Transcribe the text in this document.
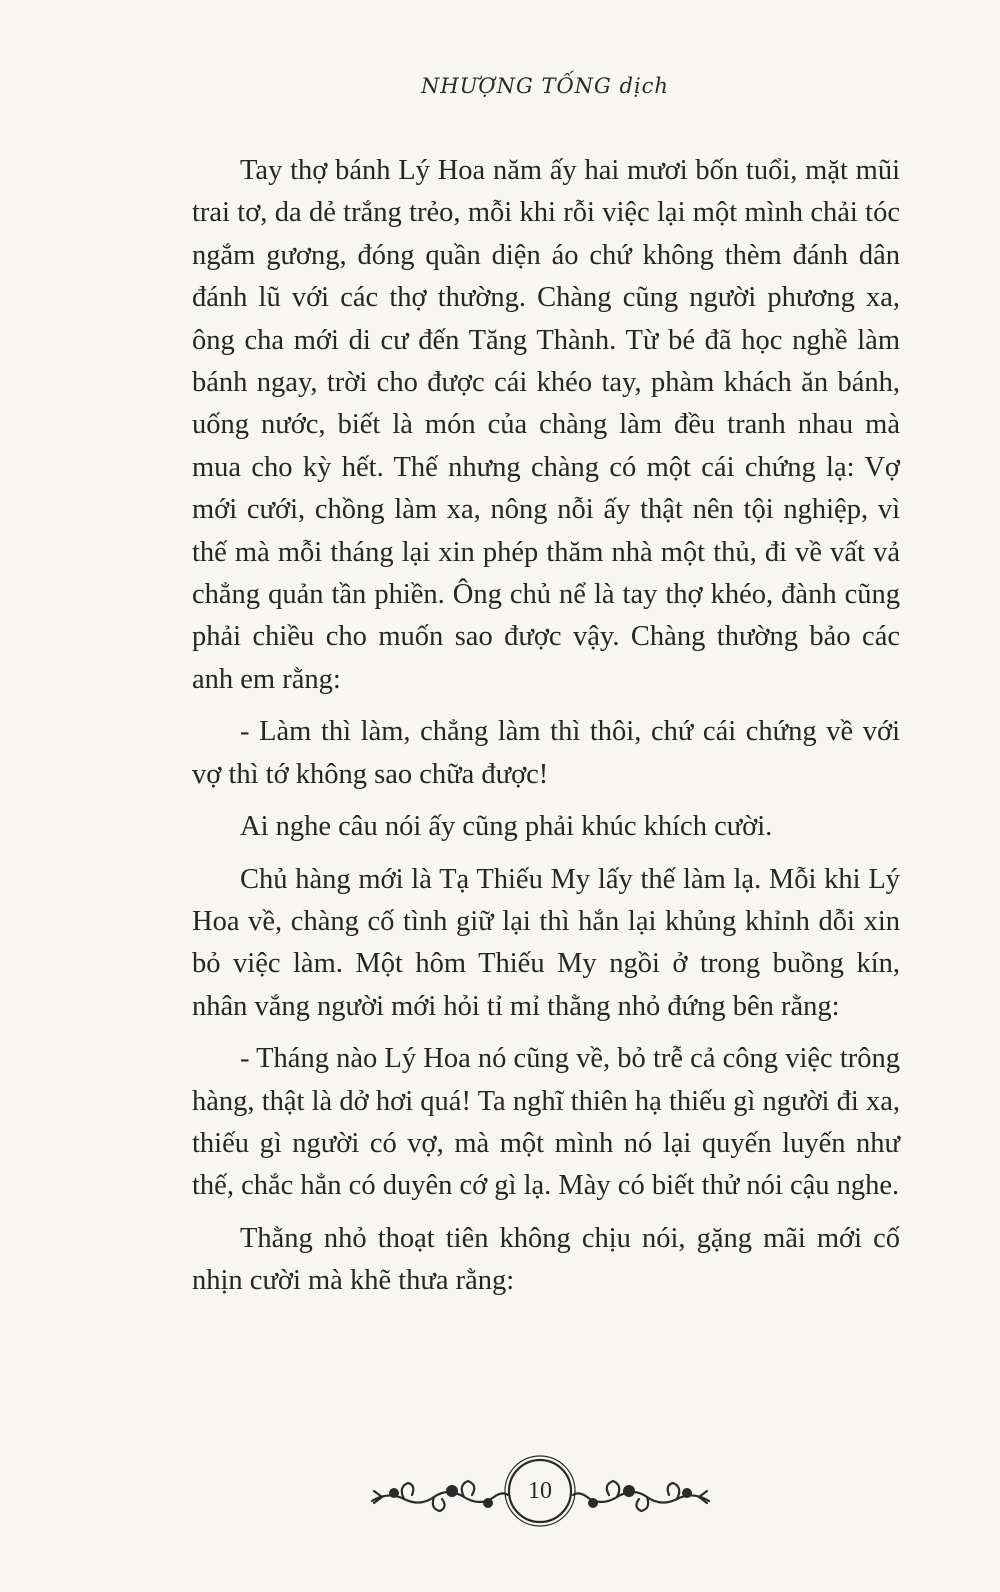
NHƯỢNG TỐNG dịch

Tay thợ bánh Lý Hoa năm ấy hai mươi bốn tuổi, mặt mũi trai tơ, da dẻ trắng trẻo, mỗi khi rỗi việc lại một mình chải tóc ngắm gương, đóng quần diện áo chứ không thèm đánh dân đánh lũ với các thợ thường. Chàng cũng người phương xa, ông cha mới di cư đến Tăng Thành. Từ bé đã học nghề làm bánh ngay, trời cho được cái khéo tay, phàm khách ăn bánh, uống nước, biết là món của chàng làm đều tranh nhau mà mua cho kỳ hết. Thế nhưng chàng có một cái chứng lạ: Vợ mới cưới, chồng làm xa, nông nỗi ấy thật nên tội nghiệp, vì thế mà mỗi tháng lại xin phép thăm nhà một thủ, đi về vất vả chẳng quản tần phiền. Ông chủ nể là tay thợ khéo, đành cũng phải chiều cho muốn sao được vậy. Chàng thường bảo các anh em rằng:

- Làm thì làm, chẳng làm thì thôi, chứ cái chứng về với vợ thì tớ không sao chữa được!

Ai nghe câu nói ấy cũng phải khúc khích cười.

Chủ hàng mới là Tạ Thiếu My lấy thế làm lạ. Mỗi khi Lý Hoa về, chàng cố tình giữ lại thì hắn lại khủng khỉnh dỗi xin bỏ việc làm. Một hôm Thiếu My ngồi ở trong buồng kín, nhân vắng người mới hỏi tỉ mỉ thằng nhỏ đứng bên rằng:

- Tháng nào Lý Hoa nó cũng về, bỏ trễ cả công việc trông hàng, thật là dở hơi quá! Ta nghĩ thiên hạ thiếu gì người đi xa, thiếu gì người có vợ, mà một mình nó lại quyến luyến như thế, chắc hẳn có duyên cớ gì lạ. Mày có biết thử nói cậu nghe.

Thằng nhỏ thoạt tiên không chịu nói, gặng mãi mới cố nhịn cười mà khẽ thưa rằng:

10
